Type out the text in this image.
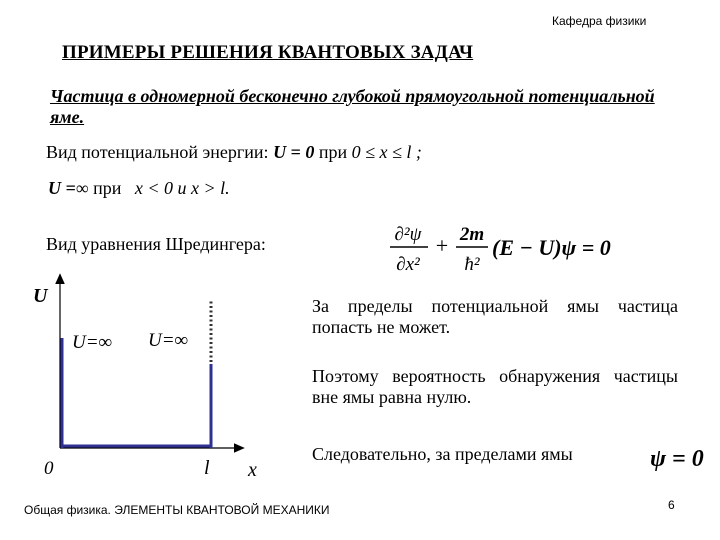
Кафедра физики
ПРИМЕРЫ РЕШЕНИЯ КВАНТОВЫХ ЗАДАЧ
Частица в одномерной бесконечно глубокой прямоугольной потенциальной яме.
Вид потенциальной энергии: U = 0 при 0 ≤ x ≤ l ;
U =∞ при   x < 0 и x > l.
Вид уравнения Шредингера:	∂²ψ
∂x²
+ 2m
ħ²
(E − U)ψ = 0
U
U=∞ U=∞
0	l x
За пределы потенциальной ямы частица попасть не может.
Поэтому вероятность обнаружения частицы вне ямы равна нулю.
Следовательно, за пределами ямы	ψ = 0
Общая физика. ЭЛЕМЕНТЫ КВАНТОВОЙ МЕХАНИКИ	6
